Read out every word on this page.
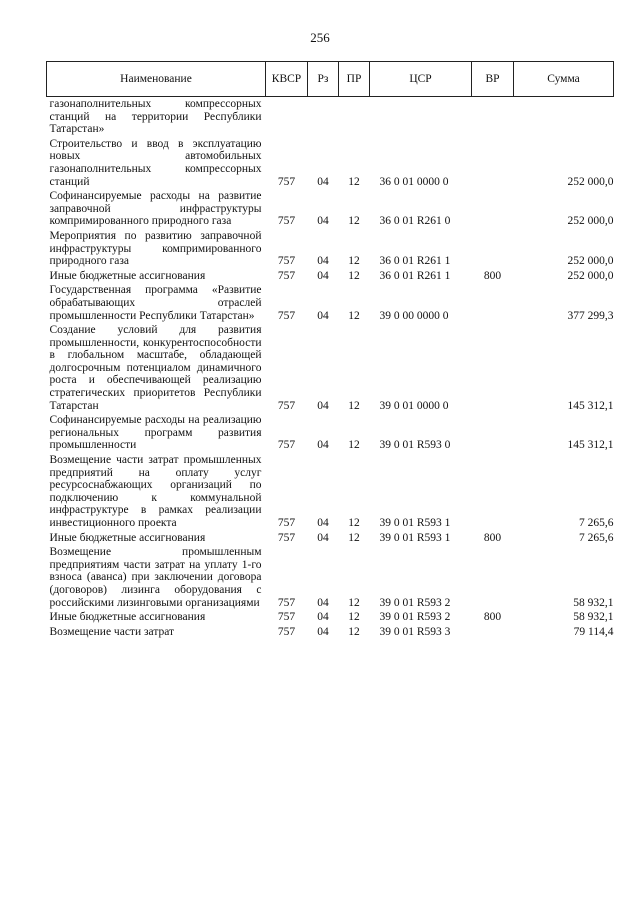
256
Наименование	КВСР	Рз	ПР	ЦСР	ВР	Сумма
газонаполнительных компрессорных станций на территории Республики Татарстан»						
Строительство и ввод в эксплуатацию новых автомобильных газонаполнительных компрессорных станций	757	04	12	36 0 01 0000 0		252 000,0
Софинансируемые расходы на развитие заправочной инфраструктуры компримированного природного газа	757	04	12	36 0 01 R261 0		252 000,0
Мероприятия по развитию заправочной инфраструктуры компримированного природного газа	757	04	12	36 0 01 R261 1		252 000,0
Иные бюджетные ассигнования	757	04	12	36 0 01 R261 1	800	252 000,0
Государственная программа «Развитие обрабатывающих отраслей промышленности Республики Татарстан»	757	04	12	39 0 00 0000 0		377 299,3
Создание условий для развития промышленности, конкурентоспособности в глобальном масштабе, обладающей долгосрочным потенциалом динамичного роста и обеспечивающей реализацию стратегических приоритетов Республики Татарстан	757	04	12	39 0 01 0000 0		145 312,1
Софинансируемые расходы на реализацию региональных программ развития промышленности	757	04	12	39 0 01 R593 0		145 312,1
Возмещение части затрат промышленных предприятий на оплату услуг ресурсоснабжающих организаций по подключению к коммунальной инфраструктуре в рамках реализации инвестиционного проекта	757	04	12	39 0 01 R593 1		7 265,6
Иные бюджетные ассигнования	757	04	12	39 0 01 R593 1	800	7 265,6
Возмещение промышленным предприятиям части затрат на уплату 1-го взноса (аванса) при заключении договора (договоров) лизинга оборудования с российскими лизинговыми организациями	757	04	12	39 0 01 R593 2		58 932,1
Иные бюджетные ассигнования	757	04	12	39 0 01 R593 2	800	58 932,1
Возмещение части затрат	757	04	12	39 0 01 R593 3		79 114,4
